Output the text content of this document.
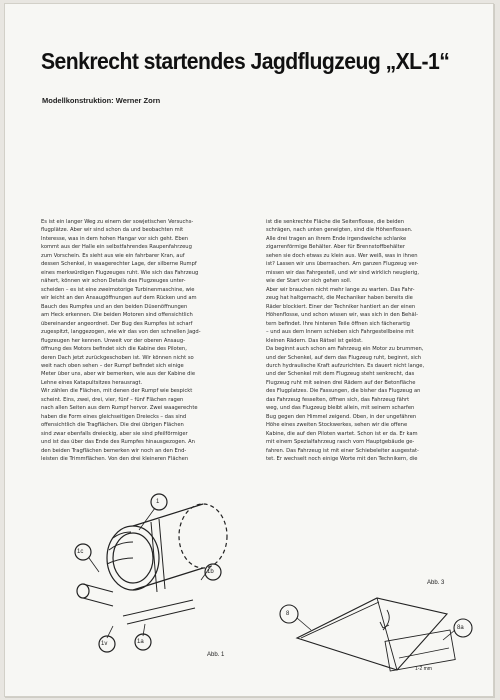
Senkrecht startendes Jagdflugzeug „XL-1“
Modellkonstruktion: Werner Zorn

Es ist ein langer Weg zu einem der sowjetischen Versuchs-

flugplätze. Aber wir sind schon da und beobachten mit

Interesse, was in dem hohen Hangar vor sich geht. Eben

kommt aus der Halle ein selbstfahrendes Raupenfahrzeug

zum Vorschein. Es sieht aus wie ein fahrbarer Kran, auf

dessen Schenkel, in waagerechter Lage, der silberne Rumpf

eines merkwürdigen Flugzeuges ruht. Wie sich das Fahrzeug

nähert, können wir schon Details des Flugzeuges unter-

scheiden – es ist eine zweimotorige Turbinenmaschine, wie

wir leicht an den Ansaugöffnungen auf dem Rücken und am

Bauch des Rumpfes und an den beiden Düsenöffnungen

am Heck erkennen. Die beiden Motoren sind offensichtlich

übereinander angeordnet. Der Bug des Rumpfes ist scharf

zugespitzt, langgezogen, wie wir das von den schnellen Jagd-

flugzeugen her kennen. Unweit vor der oberen Ansaug-

öffnung des Motors befindet sich die Kabine des Piloten,

deren Dach jetzt zurückgeschoben ist. Wir können nicht so

weit nach oben sehen – der Rumpf befindet sich einige

Meter über uns, aber wir bemerken, wie aus der Kabine die

Lehne eines Katapultsitzes herausragt.

Wir zählen die Flächen, mit denen der Rumpf wie bespickt

scheint. Eins, zwei, drei, vier, fünf – fünf Flächen ragen

nach allen Seiten aus dem Rumpf hervor. Zwei waagerechte

haben die Form eines gleichseitigen Dreiecks – das sind

offensichtlich die Tragflächen. Die drei übrigen Flächen

sind zwar ebenfalls dreieckig, aber sie sind pfeilförmiger

und ist das über das Ende des Rumpfes hinausgezogen. An

den beiden Tragflächen bemerken wir noch an den End-

leisten die Trimmflächen. Von den drei kleineren Flächen

ist die senkrechte Fläche die Seitenflosse, die beiden

schrägen, nach unten geneigten, sind die Höhenflossen.

Alle drei tragen an ihrem Ende irgendwelche schlanke

zigarrenförmige Behälter. Aber für Brennstoffbehälter

sehen sie doch etwas zu klein aus. Wer weiß, was in ihnen

ist? Lassen wir uns überraschen. Am ganzen Flugzeug ver-

missen wir das Fahrgestell, und wir sind wirklich neugierig,

wie der Start vor sich gehen soll.

Aber wir brauchen nicht mehr lange zu warten. Das Fahr-

zeug hat haltgemacht, die Mechaniker haben bereits die

Räder blockiert. Einer der Techniker hantiert an der einen

Höhenflosse, und schon wissen wir, was sich in den Behäl-

tern befindet. Ihre hinteren Teile öffnen sich fächerartig

– und aus dem Innern schieben sich Fahrgestellbeine mit

kleinen Rädern. Das Rätsel ist gelöst.

Da beginnt auch schon am Fahrzeug ein Motor zu brummen,

und der Schenkel, auf dem das Flugzeug ruht, beginnt, sich

durch hydraulische Kraft aufzurichten. Es dauert nicht lange,

und der Schenkel mit dem Flugzeug steht senkrecht, das

Flugzeug ruht mit seinen drei Rädern auf der Betonfläche

des Flugplatzes. Die Fassungen, die bisher das Flugzeug an

das Fahrzeug fesselten, öffnen sich, das Fahrzeug fährt

weg, und das Flugzeug bleibt allein, mit seinem scharfen

Bug gegen den Himmel zeigend. Oben, in der ungefähren

Höhe eines zweiten Stockwerkes, sehen wir die offene

Kabine, die auf den Piloten wartet. Schon ist er da. Er kam

mit einem Spezialfahrzeug rasch vom Hauptgebäude ge-

fahren. Das Fahrzeug ist mit einer Schiebeleiter ausgestat-

tet. Er wechselt noch einige Worte mit den Technikern, die

1c
1
1b
1v	1a
Abb. 1
8
8a
1-2 mm
Abb. 3
